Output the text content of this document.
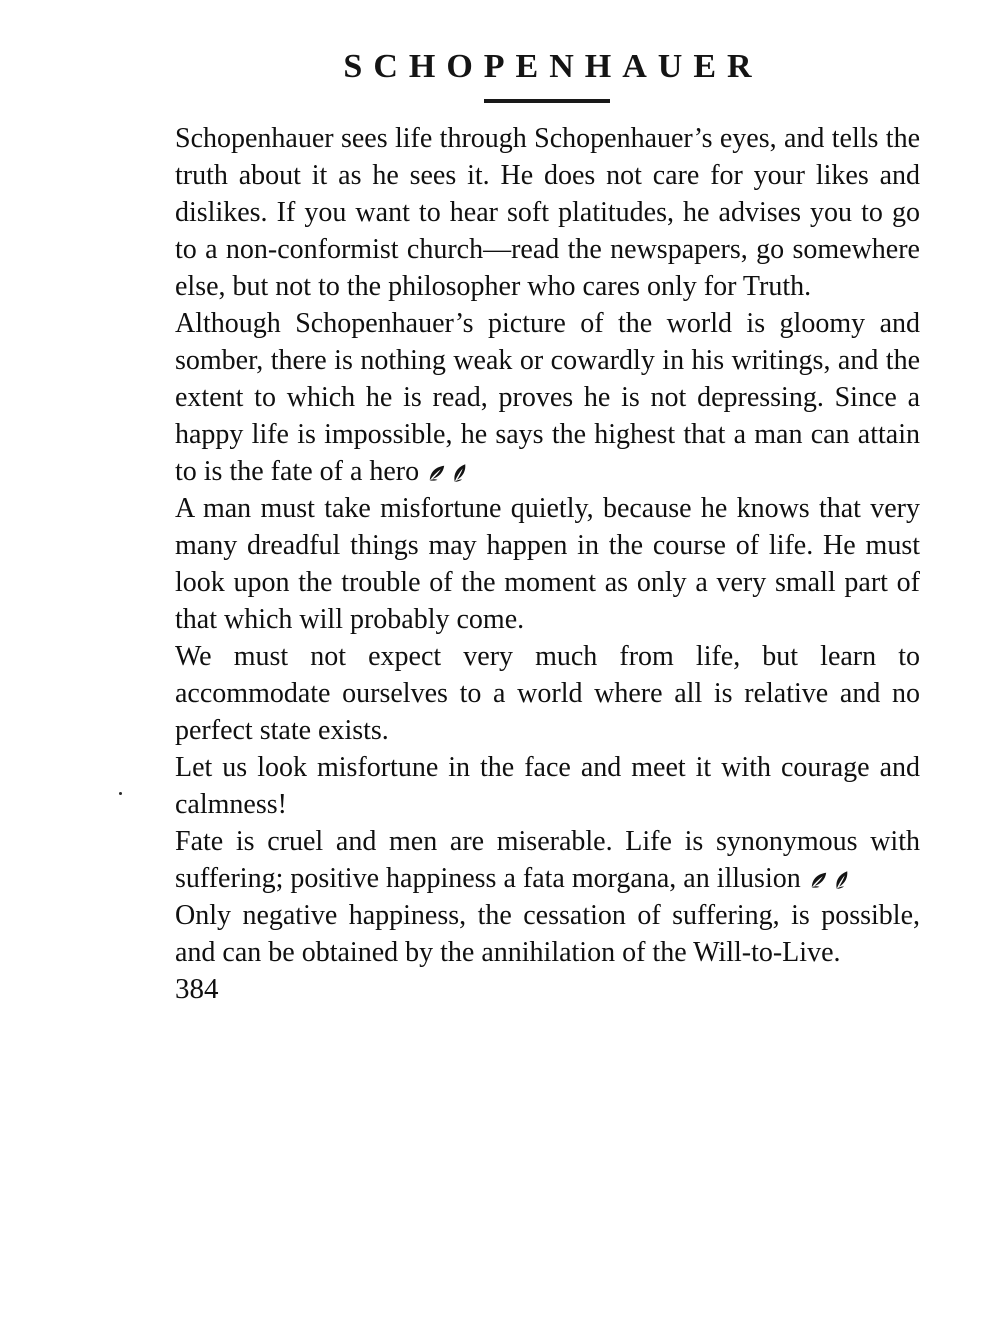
SCHOPENHAUER

Schopenhauer sees life through Schopenhauer’s eyes, and tells the truth about it as he sees it. He does not care for your likes and dislikes. If you want to hear soft platitudes, he advises you to go to a non-conformist church—read the newspapers, go somewhere else, but not to the philosopher who cares only for Truth.

Although Schopenhauer’s picture of the world is gloomy and somber, there is nothing weak or cowardly in his writings, and the extent to which he is read, proves he is not depressing. Since a happy life is impossible, he says the highest that a man can attain to is the fate of a hero

A man must take misfortune quietly, because he knows that very many dreadful things may happen in the course of life. He must look upon the trouble of the moment as only a very small part of that which will probably come.

We must not expect very much from life, but learn to accommodate ourselves to a world where all is relative and no perfect state exists.

Let us look misfortune in the face and meet it with courage and calmness!

Fate is cruel and men are miserable. Life is synonymous with suffering; positive happiness a fata morgana, an illusion

Only negative happiness, the cessation of suffering, is possible, and can be obtained by the annihilation of the Will-to-Live.

384
